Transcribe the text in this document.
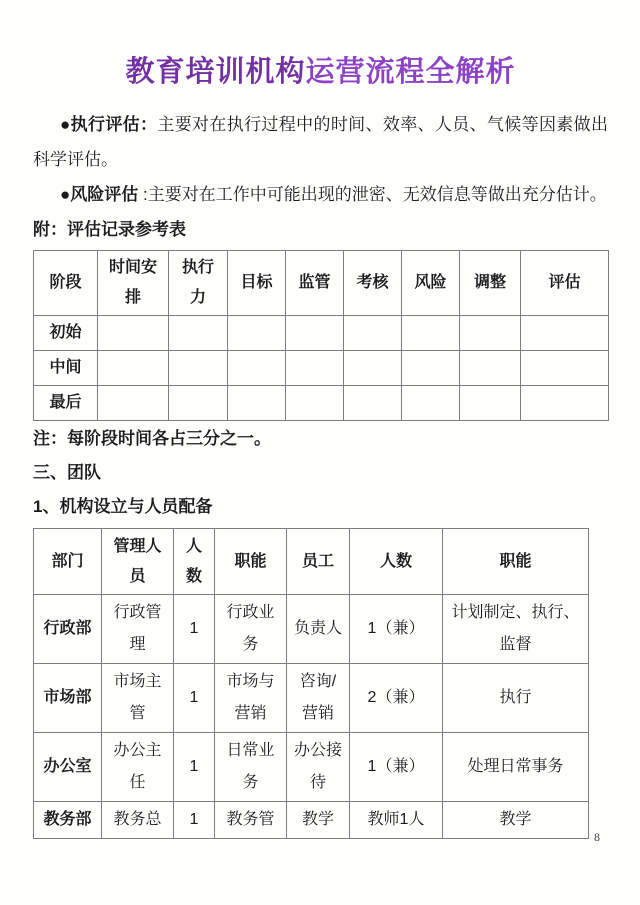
教育培训机构运营流程全解析

●执行评估：主要对在执行过程中的时间、效率、人员、气候等因素做出科学评估。

●风险评估 :主要对在工作中可能出现的泄密、无效信息等做出充分估计。

附：评估记录参考表

阶段	时间安排	执行力	目标	监管	考核	风险	调整	评估
初始								
中间								
最后								

注：每阶段时间各占三分之一。

三、团队

1、机构设立与人员配备

部门	管理人员	人数	职能	员工	人数	职能
行政部	行政管理	1	行政业务	负责人	1（兼）	计划制定、执行、监督
市场部	市场主管	1	市场与营销	咨询/营销	2（兼）	执行
办公室	办公主任	1	日常业务	办公接待	1（兼）	处理日常事务
教务部	教务总	1	教务管	教学	教师1人	教学
8
